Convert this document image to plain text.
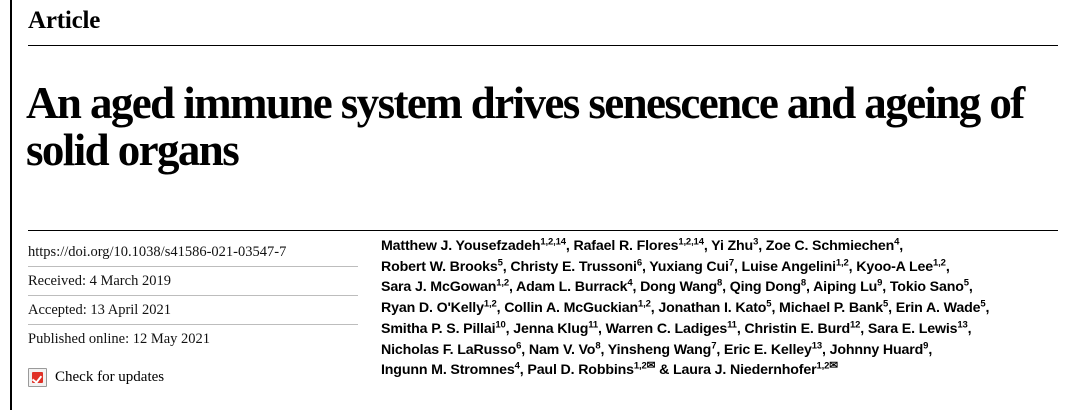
Article
An aged immune system drives senescence and ageing of solid organs
https://doi.org/10.1038/s41586-021-03547-7
Received: 4 March 2019
Accepted: 13 April 2021
Published online: 12 May 2021
Check for updates
Matthew J. Yousefzadeh$^{1,2,14}$, Rafael R. Flores$^{1,2,14}$, Yi Zhu$^3$, Zoe C. Schmiechen$^4$,
Robert W. Brooks$^5$, Christy E. Trussoni$^6$, Yuxiang Cui$^7$, Luise Angelini$^{1,2}$, Kyoo-A Lee$^{1,2}$,
Sara J. McGowan$^{1,2}$, Adam L. Burrack$^4$, Dong Wang$^8$, Qing Dong$^8$, Aiping Lu$^9$, Tokio Sano$^5$,
Ryan D. O'Kelly$^{1,2}$, Collin A. McGuckian$^{1,2}$, Jonathan I. Kato$^5$, Michael P. Bank$^5$, Erin A. Wade$^5$,
Smitha P. S. Pillai$^{10}$, Jenna Klug$^{11}$, Warren C. Ladiges$^{11}$, Christin E. Burd$^{12}$, Sara E. Lewis$^{13}$,
Nicholas F. LaRusso$^6$, Nam V. Vo$^8$, Yinsheng Wang$^7$, Eric E. Kelley$^{13}$, Johnny Huard$^9$,
Ingunn M. Stromnes$^4$, Paul D. Robbins$^{1,2✉}$ & Laura J. Niedernhofer$^{1,2✉}$
